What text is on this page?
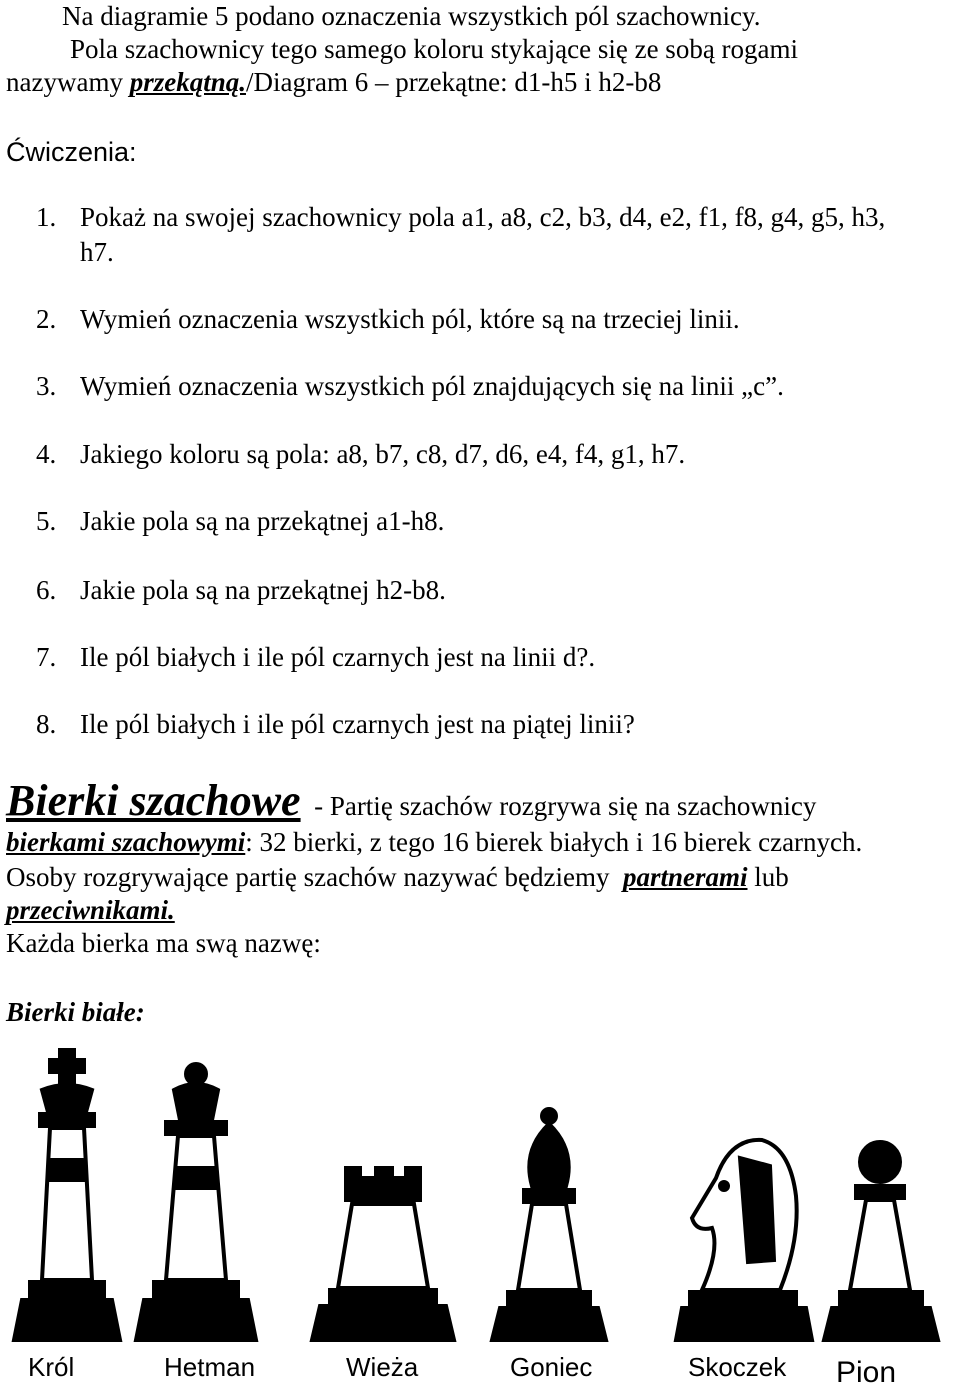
Na diagramie 5 podano oznaczenia wszystkich pól szachownicy.
Pola szachownicy tego samego koloru stykające się ze sobą rogami
nazywamy przekątną./Diagram 6 – przekątne: d1-h5 i h2-b8
Ćwiczenia:
1. Pokaż na swojej szachownicy pola a1, a8, c2, b3, d4, e2, f1, f8, g4, g5, h3,
h7.
2. Wymień oznaczenia wszystkich pól, które są na trzeciej linii.
3. Wymień oznaczenia wszystkich pól znajdujących się na linii „c”.
4. Jakiego koloru są pola: a8, b7, c8, d7, d6, e4, f4, g1, h7.
5. Jakie pola są na przekątnej a1-h8.
6. Jakie pola są na przekątnej h2-b8.
7. Ile pól białych i ile pól czarnych jest na linii d?.
8. Ile pól białych i ile pól czarnych jest na piątej linii?
Bierki szachowe  - Partię szachów rozgrywa się na szachownicy
bierkami szachowymi: 32 bierki, z tego 16 bierek białych i 16 bierek czarnych.
Osoby rozgrywające partię szachów nazywać będziemy  partnerami lub
przeciwnikami.
Każda bierka ma swą nazwę:
Bierki białe:
Król	Hetman	Wieża	Goniec	Skoczek Pion
